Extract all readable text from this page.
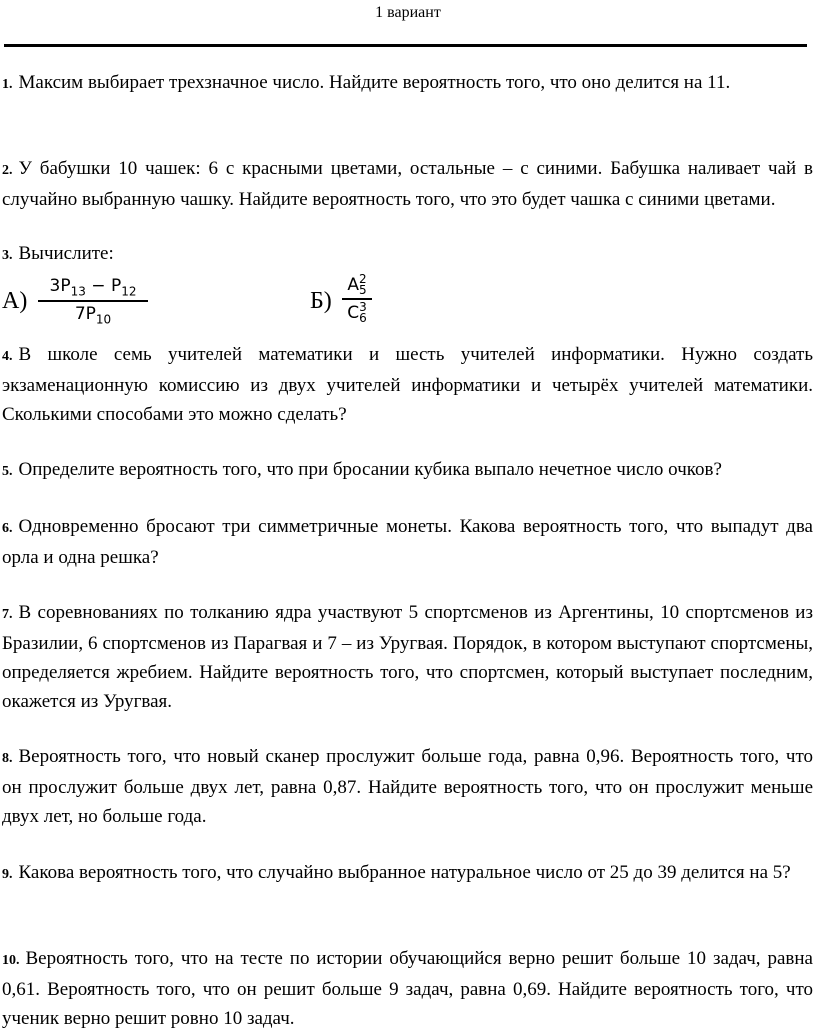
1 вариант
1. Максим выбирает трехзначное число. Найдите вероятность того, что оно делится на 11.
2. У бабушки 10 чашек: 6 с красными цветами, остальные – с синими. Бабушка наливает чай в случайно выбранную чашку. Найдите вероятность того, что это будет чашка с синими цветами.
3. Вычислите:
А)
$3P_{13} - P_{12}$
$7P_{10}$
Б)
A 2
5
C 3
6
4. В школе семь учителей математики и шесть учителей информатики. Нужно создать экзаменационную комиссию из двух учителей информатики и четырёх учителей математики. Сколькими способами это можно сделать?
5. Определите вероятность того, что при бросании кубика выпало нечетное число очков?
6. Одновременно бросают три симметричные монеты. Какова вероятность того, что выпадут два орла и одна решка?
7. В соревнованиях по толканию ядра участвуют 5 спортсменов из Аргентины, 10 спортсменов из Бразилии, 6 спортсменов из Парагвая и 7 – из Уругвая. Порядок, в котором выступают спортсмены, определяется жребием. Найдите вероятность того, что спортсмен, который выступает последним, окажется из Уругвая.
8. Вероятность того, что новый сканер прослужит больше года, равна 0,96. Вероятность того, что он прослужит больше двух лет, равна 0,87. Найдите вероятность того, что он прослужит меньше двух лет, но больше года.
9. Какова вероятность того, что случайно выбранное натуральное число от 25 до 39 делится на 5?
10. Вероятность того, что на тесте по истории обучающийся верно решит больше 10 задач, равна 0,61. Вероятность того, что он решит больше 9 задач, равна 0,69. Найдите вероятность того, что ученик верно решит ровно 10 задач.
